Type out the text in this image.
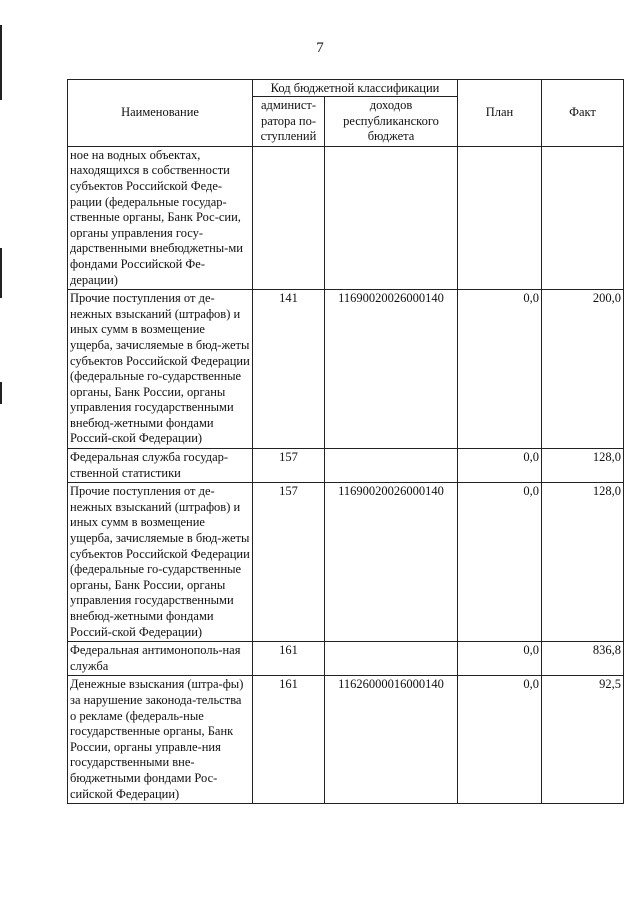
7
Наименование	Код бюджетной классификации		План	Факт
	админист-ратора по-ступлений	доходов республиканского бюджета		
ное на водных объектах, находящихся в собственности субъектов Российской Феде-рации (федеральные государ-ственные органы, Банк Рос-сии, органы управления госу-дарственными внебюджетны-ми фондами Российской Фе-дерации)				
Прочие поступления от де-нежных взысканий (штрафов) и иных сумм в возмещение ущерба, зачисляемые в бюд-жеты субъектов Российской Федерации (федеральные го-сударственные органы, Банк России, органы управления государственными внебюд-жетными фондами Россий-ской Федерации)	141	11690020026000140	0,0	200,0
Федеральная служба государ-ственной статистики	157		0,0	128,0
Прочие поступления от де-нежных взысканий (штрафов) и иных сумм в возмещение ущерба, зачисляемые в бюд-жеты субъектов Российской Федерации (федеральные го-сударственные органы, Банк России, органы управления государственными внебюд-жетными фондами Россий-ской Федерации)	157	11690020026000140	0,0	128,0
Федеральная антимонополь-ная служба	161		0,0	836,8
Денежные взыскания (штра-фы) за нарушение законода-тельства о рекламе (федераль-ные государственные органы, Банк России, органы управле-ния государственными вне-бюджетными фондами Рос-сийской Федерации)	161	11626000016000140	0,0	92,5
